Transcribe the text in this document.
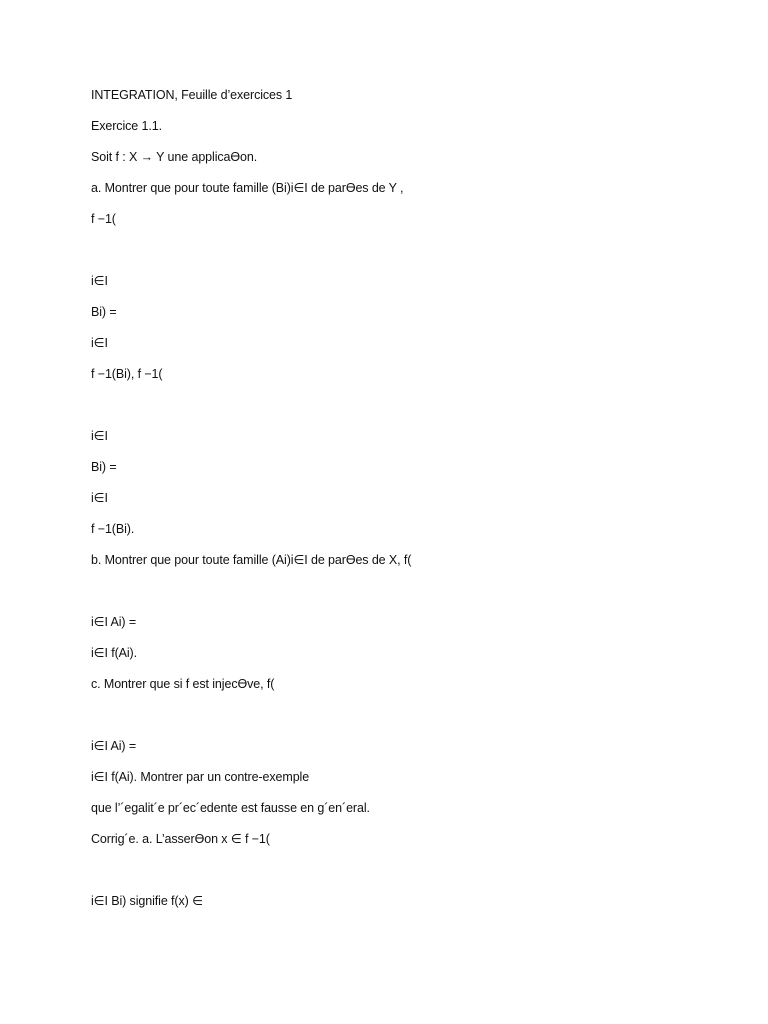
INTEGRATION, Feuille d’exercices 1

Exercice 1.1.

Soit f : X → Y une applicaƟon.

a. Montrer que pour toute famille (Bi)i∈I de parƟes de Y ,

f −1(

i∈I

Bi) =

i∈I

f −1(Bi), f −1(

i∈I

Bi) =

i∈I

f −1(Bi).

b. Montrer que pour toute famille (Ai)i∈I de parƟes de X, f(

i∈I Ai) =

i∈I f(Ai).

c. Montrer que si f est injecƟve, f(

i∈I Ai) =

i∈I f(Ai). Montrer par un contre-exemple

que l’´egalit´e pr´ec´edente est fausse en g´en´eral.

Corrig´e. a. L’asserƟon x ∈ f −1(

i∈I Bi) signifie f(x) ∈
